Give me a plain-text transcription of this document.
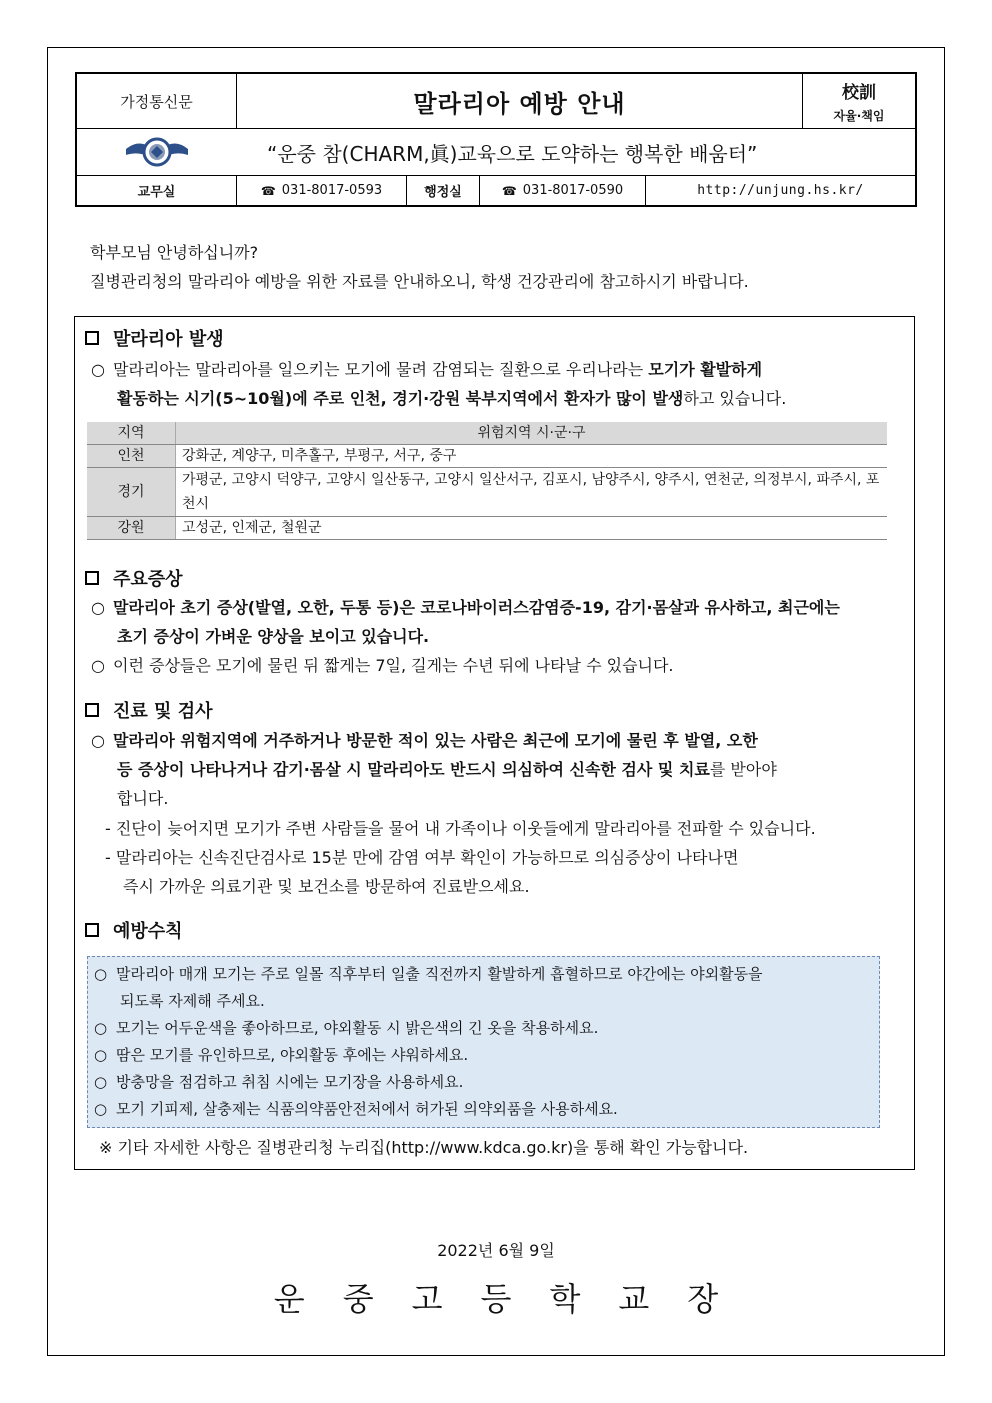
가정통신문	말라리아 예방 안내	校訓
자율·책임
“운중 참(CHARM,眞)교육으로 도약하는 행복한 배움터”
교무실	☎ 031-8017-0593	행정실	☎ 031-8017-0590	http://unjung.hs.kr/
학부모님 안녕하십니까?
질병관리청의 말라리아 예방을 위한 자료를 안내하오니, 학생 건강관리에 참고하시기 바랍니다.
말라리아 발생
○ 말라리아는 말라리아를 일으키는 모기에 물려 감염되는 질환으로 우리나라는 모기가 활발하게
활동하는 시기(5~10월)에 주로 인천, 경기·강원 북부지역에서 환자가 많이 발생하고 있습니다.
지역	위험지역 시·군·구
인천	강화군, 계양구, 미추홀구, 부평구, 서구, 중구
경기	가평군, 고양시 덕양구, 고양시 일산동구, 고양시 일산서구, 김포시, 남양주시, 양주시, 연천군, 의정부시, 파주시, 포천시
강원	고성군, 인제군, 철원군
주요증상
○ 말라리아 초기 증상(발열, 오한, 두통 등)은 코로나바이러스감염증-19, 감기·몸살과 유사하고, 최근에는
초기 증상이 가벼운 양상을 보이고 있습니다.
○ 이런 증상들은 모기에 물린 뒤 짧게는 7일, 길게는 수년 뒤에 나타날 수 있습니다.
진료 및 검사
○ 말라리아 위험지역에 거주하거나 방문한 적이 있는 사람은 최근에 모기에 물린 후 발열, 오한
등 증상이 나타나거나 감기·몸살 시 말라리아도 반드시 의심하여 신속한 검사 및 치료를 받아야
합니다.
- 진단이 늦어지면 모기가 주변 사람들을 물어 내 가족이나 이웃들에게 말라리아를 전파할 수 있습니다.
- 말라리아는 신속진단검사로 15분 만에 감염 여부 확인이 가능하므로 의심증상이 나타나면
즉시 가까운 의료기관 및 보건소를 방문하여 진료받으세요.
예방수칙
○ 말라리아 매개 모기는 주로 일몰 직후부터 일출 직전까지 활발하게 흡혈하므로 야간에는 야외활동을
되도록 자제해 주세요.
○ 모기는 어두운색을 좋아하므로, 야외활동 시 밝은색의 긴 옷을 착용하세요.
○ 땀은 모기를 유인하므로, 야외활동 후에는 샤워하세요.
○ 방충망을 점검하고 취침 시에는 모기장을 사용하세요.
○ 모기 기피제, 살충제는 식품의약품안전처에서 허가된 의약외품을 사용하세요.
※ 기타 자세한 사항은 질병관리청 누리집(http://www.kdca.go.kr)을 통해 확인 가능합니다.
2022년 6월 9일
운중고등학교장
